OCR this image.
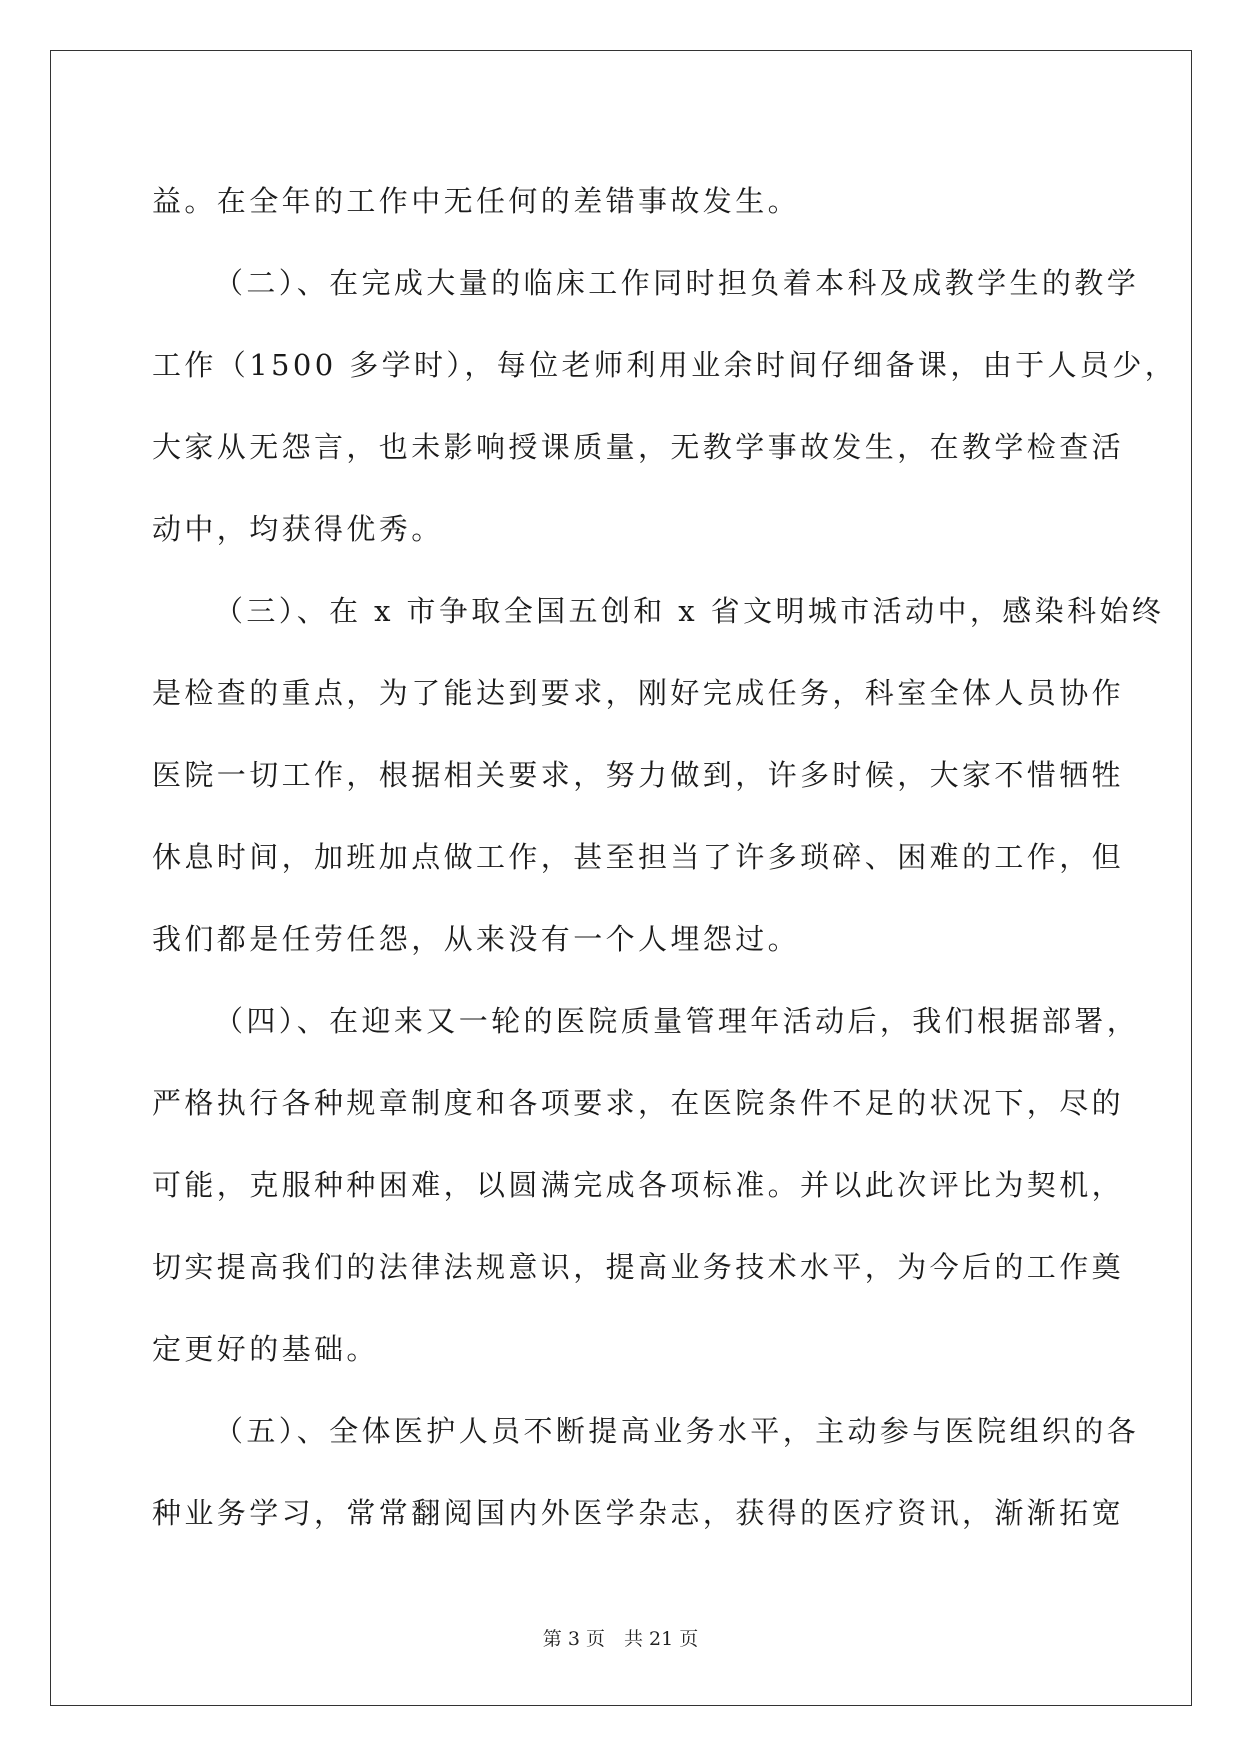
益。在全年的工作中无任何的差错事故发生。
（二）、在完成大量的临床工作同时担负着本科及成教学生的教学
工作（1500 多学时），每位老师利用业余时间仔细备课，由于人员少，
大家从无怨言，也未影响授课质量，无教学事故发生，在教学检查活
动中，均获得优秀。
（三）、在 x 市争取全国五创和 x 省文明城市活动中，感染科始终
是检查的重点，为了能达到要求，刚好完成任务，科室全体人员协作
医院一切工作，根据相关要求，努力做到，许多时候，大家不惜牺牲
休息时间，加班加点做工作，甚至担当了许多琐碎、困难的工作，但
我们都是任劳任怨，从来没有一个人埋怨过。
（四）、在迎来又一轮的医院质量管理年活动后，我们根据部署，
严格执行各种规章制度和各项要求，在医院条件不足的状况下，尽的
可能，克服种种困难，以圆满完成各项标准。并以此次评比为契机，
切实提高我们的法律法规意识，提高业务技术水平，为今后的工作奠
定更好的基础。
（五）、全体医护人员不断提高业务水平，主动参与医院组织的各
种业务学习，常常翻阅国内外医学杂志，获得的医疗资讯，渐渐拓宽
第 3 页　共 21 页
